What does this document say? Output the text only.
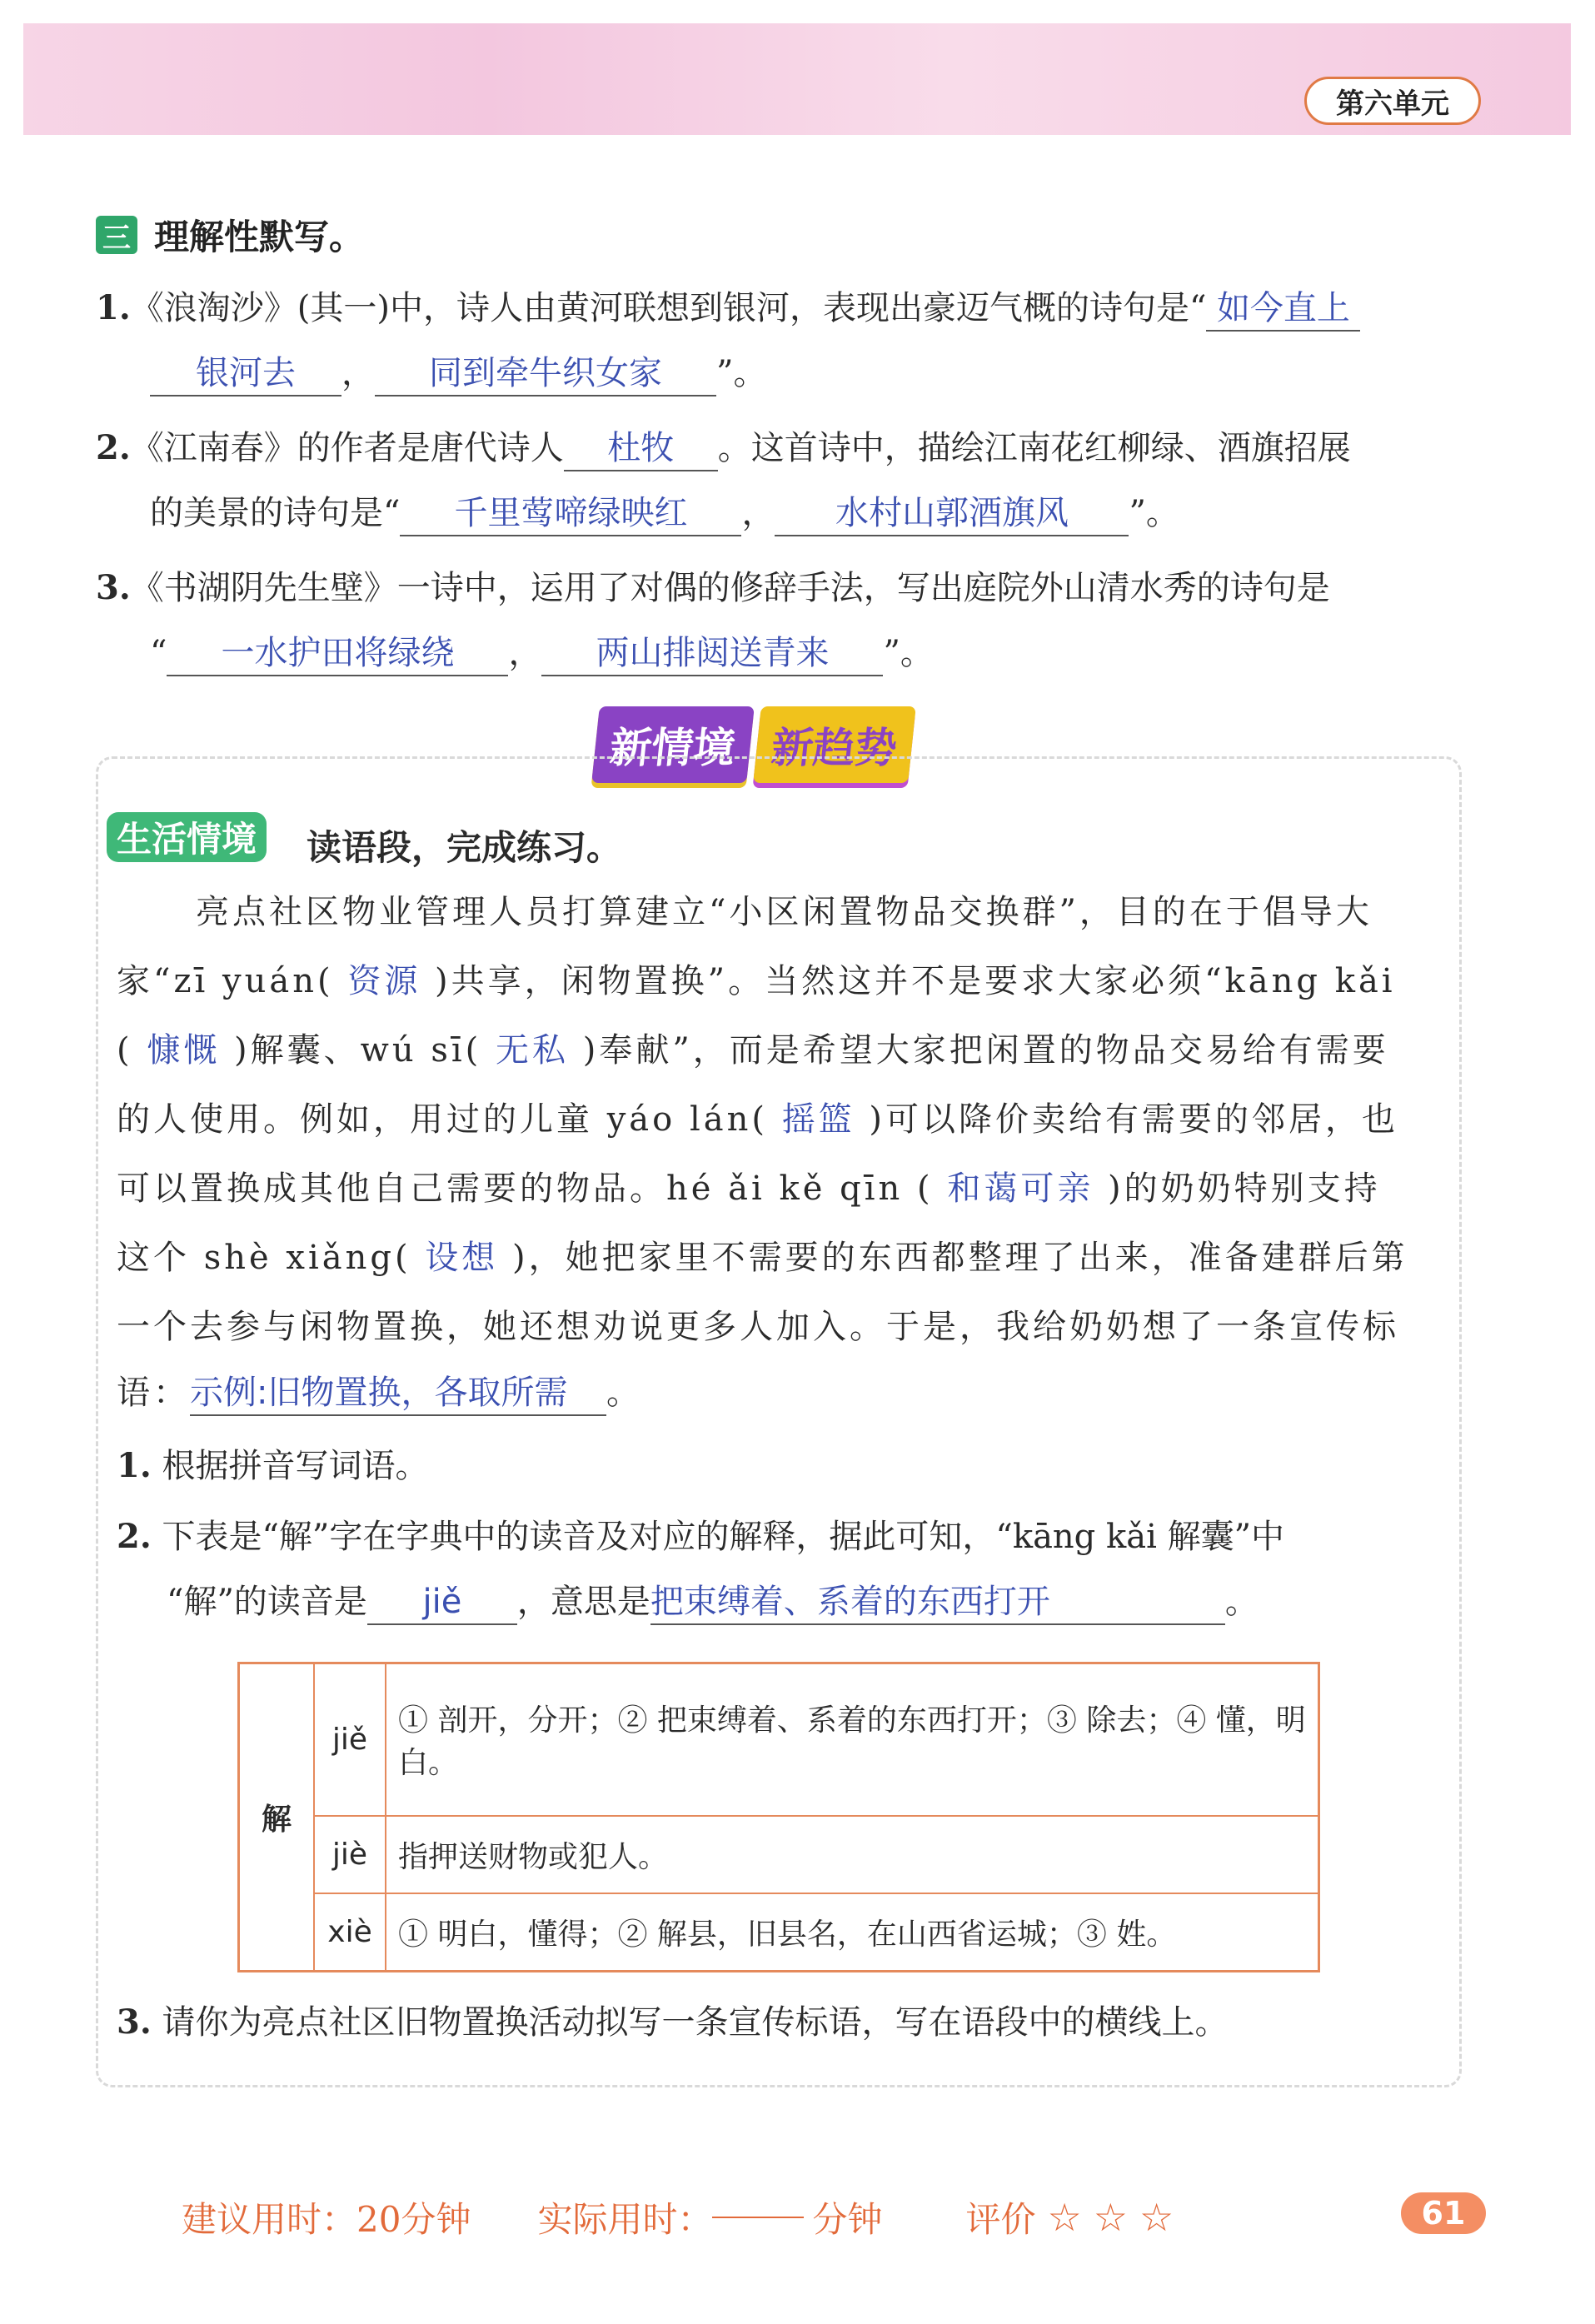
第六单元
三 理解性默写。
1.《浪淘沙》(其一)中，诗人由黄河联想到银河，表现出豪迈气概的诗句是“ 如今直上
银河去 ， 同到牵牛织女家 ”。
2.《江南春》的作者是唐代诗人 杜牧 。这首诗中，描绘江南花红柳绿、酒旗招展
的美景的诗句是“ 千里莺啼绿映红 ， 水村山郭酒旗风 ”。
3.《书湖阴先生壁》一诗中，运用了对偶的修辞手法，写出庭院外山清水秀的诗句是
“ 一水护田将绿绕 ， 两山排闼送青来 ”。
新情境 新趋势
生活情境 读语段，完成练习。
亮点社区物业管理人员打算建立“小区闲置物品交换群”，目的在于倡导大
家“zī yuán( 资源 )共享，闲物置换”。当然这并不是要求大家必须“kāng kǎi
( 慷慨 )解囊、wú sī( 无私 )奉献”，而是希望大家把闲置的物品交易给有需要
的人使用。例如，用过的儿童 yáo lán( 摇篮 )可以降价卖给有需要的邻居，也
可以置换成其他自己需要的物品。hé ǎi kě qīn ( 和蔼可亲 )的奶奶特别支持
这个 shè xiǎng( 设想 )，她把家里不需要的东西都整理了出来，准备建群后第
一个去参与闲物置换，她还想劝说更多人加入。于是，我给奶奶想了一条宣传标
语：示例:旧物置换，各取所需 。
1. 根据拼音写词语。
2. 下表是“解”字在字典中的读音及对应的解释，据此可知，“kāng kǎi 解囊”中
“解”的读音是 jiě ，意思是把束缚着、系着的东西打开	。
解	jiě	① 剖开，分开；② 把束缚着、系着的东西打开；③ 除去；④ 懂，明白。
	jiè	指押送财物或犯人。
	xiè	① 明白，懂得；② 解县，旧县名，在山西省运城；③ 姓。
3. 请你为亮点社区旧物置换活动拟写一条宣传标语，写在语段中的横线上。
建议用时：20分钟 实际用时：	分钟 评价 ☆ ☆ ☆	61
